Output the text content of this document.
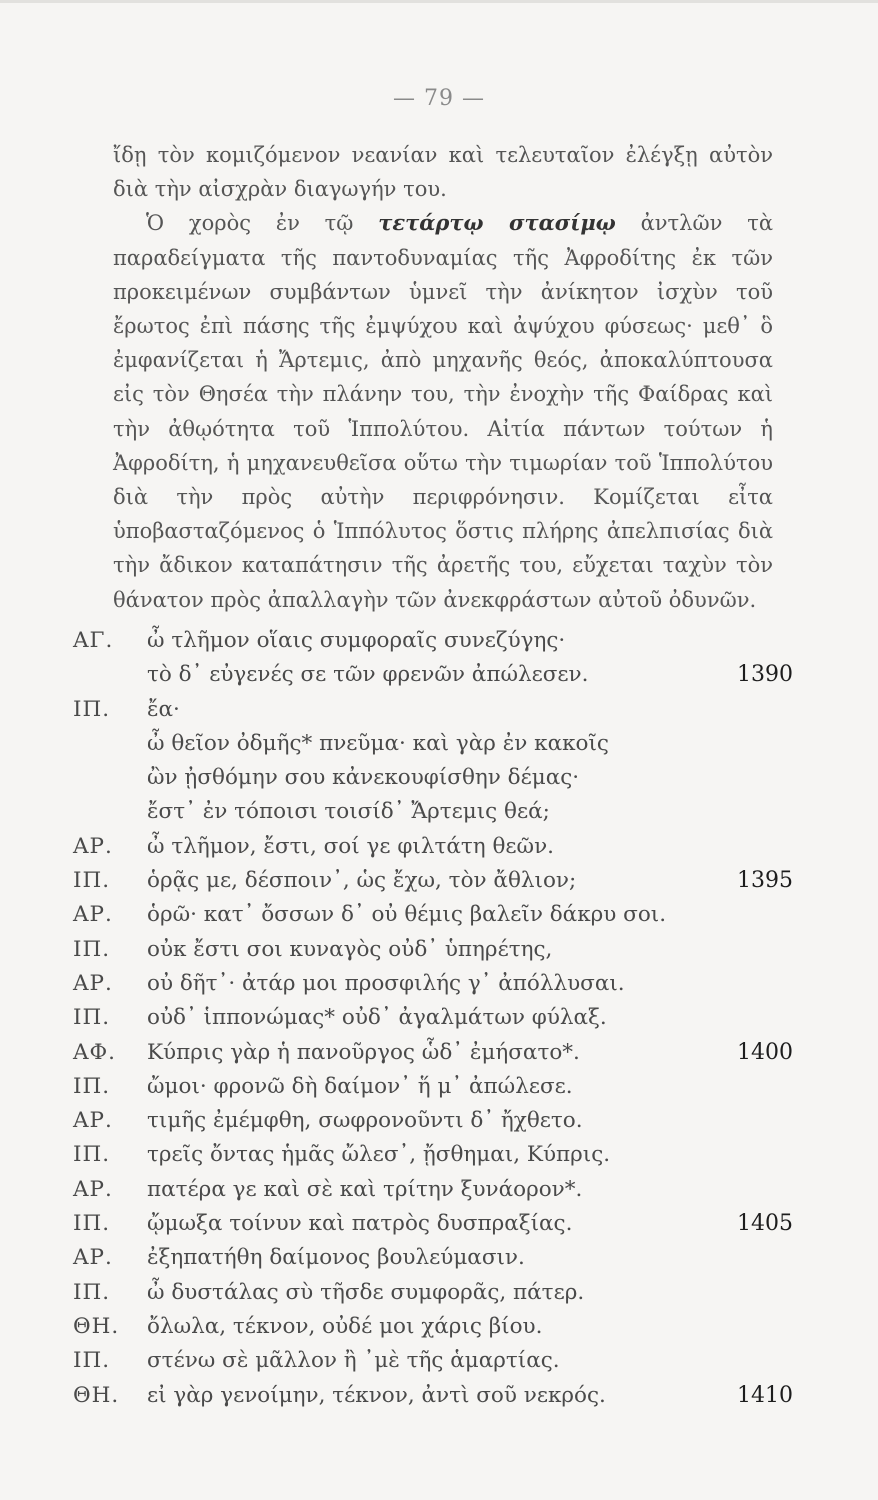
— 79 —

ἴδῃ τὸν κομιζόμενον νεανίαν καὶ τελευταῖον ἐλέγξῃ αὐτὸν διὰ τὴν αἰσχρὰν διαγωγήν του.

Ὁ χορὸς ἐν τῷ τετάρτῳ στασίμῳ ἀντλῶν τὰ παραδείγματα τῆς παντοδυναμίας τῆς Ἀφροδίτης ἐκ τῶν προκειμένων συμβάντων ὑμνεῖ τὴν ἀνίκητον ἰσχὺν τοῦ ἔρωτος ἐπὶ πάσης τῆς ἐμψύχου καὶ ἀψύχου φύσεως· μεθ᾽ ὃ ἐμφανίζεται ἡ Ἄρτεμις, ἀπὸ μηχανῆς θεός, ἀποκαλύπτουσα εἰς τὸν Θησέα τὴν πλάνην του, τὴν ἐνοχὴν τῆς Φαίδρας καὶ τὴν ἀθῳότητα τοῦ Ἱππολύτου. Αἰτία πάντων τούτων ἡ Ἀφροδίτη, ἡ μηχανευθεῖσα οὕτω τὴν τιμωρίαν τοῦ Ἱππολύτου διὰ τὴν πρὸς αὐτὴν περιφρόνησιν. Κομίζεται εἶτα ὑποβασταζόμενος ὁ Ἱππόλυτος ὅστις πλήρης ἀπελπισίας διὰ τὴν ἄδικον καταπάτησιν τῆς ἀρετῆς του, εὔχεται ταχὺν τὸν θάνατον πρὸς ἀπαλλαγὴν τῶν ἀνεκφράστων αὐτοῦ ὀδυνῶν.

ΑΓ.	ὦ τλῆμον οἵαις συμφοραῖς συνεζύγης·
τὸ δ᾽ εὐγενές σε τῶν φρενῶν ἀπώλεσεν.	1390
ΙΠ.	ἔα·
ὦ θεῖον ὀδμῆς* πνεῦμα· καὶ γὰρ ἐν κακοῖς
ὢν ᾐσθόμην σου κἀνεκουφίσθην δέμας·
ἔστ᾽ ἐν τόποισι τοισίδ᾽ Ἄρτεμις θεά;
ΑΡ.	ὦ τλῆμον, ἔστι, σοί γε φιλτάτη θεῶν.
ΙΠ.	ὁρᾷς με, δέσποιν᾽, ὡς ἔχω, τὸν ἄθλιον;	1395
ΑΡ.	ὁρῶ· κατ᾽ ὄσσων δ᾽ οὐ θέμις βαλεῖν δάκρυ σοι.
ΙΠ.	οὐκ ἔστι σοι κυναγὸς οὐδ᾽ ὑπηρέτης,
ΑΡ.	οὐ δῆτ᾽· ἀτάρ μοι προσφιλής γ᾽ ἀπόλλυσαι.
ΙΠ.	οὐδ᾽ ἱππονώμας* οὐδ᾽ ἀγαλμάτων φύλαξ.
ΑΦ.	Κύπρις γὰρ ἡ πανοῦργος ὧδ᾽ ἐμήσατο*.	1400
ΙΠ.	ὤμοι· φρονῶ δὴ δαίμον᾽ ἥ μ᾽ ἀπώλεσε.
ΑΡ.	τιμῆς ἐμέμφθη, σωφρονοῦντι δ᾽ ἤχθετο.
ΙΠ.	τρεῖς ὄντας ἡμᾶς ὤλεσ᾽, ᾔσθημαι, Κύπρις.
ΑΡ.	πατέρα γε καὶ σὲ καὶ τρίτην ξυνάορον*.
ΙΠ.	ᾤμωξα τοίνυν καὶ πατρὸς δυσπραξίας.	1405
ΑΡ.	ἐξηπατήθη δαίμονος βουλεύμασιν.
ΙΠ.	ὦ δυστάλας σὺ τῆσδε συμφορᾶς, πάτερ.
ΘΗ.	ὄλωλα, τέκνον, οὐδέ μοι χάρις βίου.
ΙΠ.	στένω σὲ μᾶλλον ἢ ᾽μὲ τῆς ἁμαρτίας.
ΘΗ.	εἰ γὰρ γενοίμην, τέκνον, ἀντὶ σοῦ νεκρός.	1410
